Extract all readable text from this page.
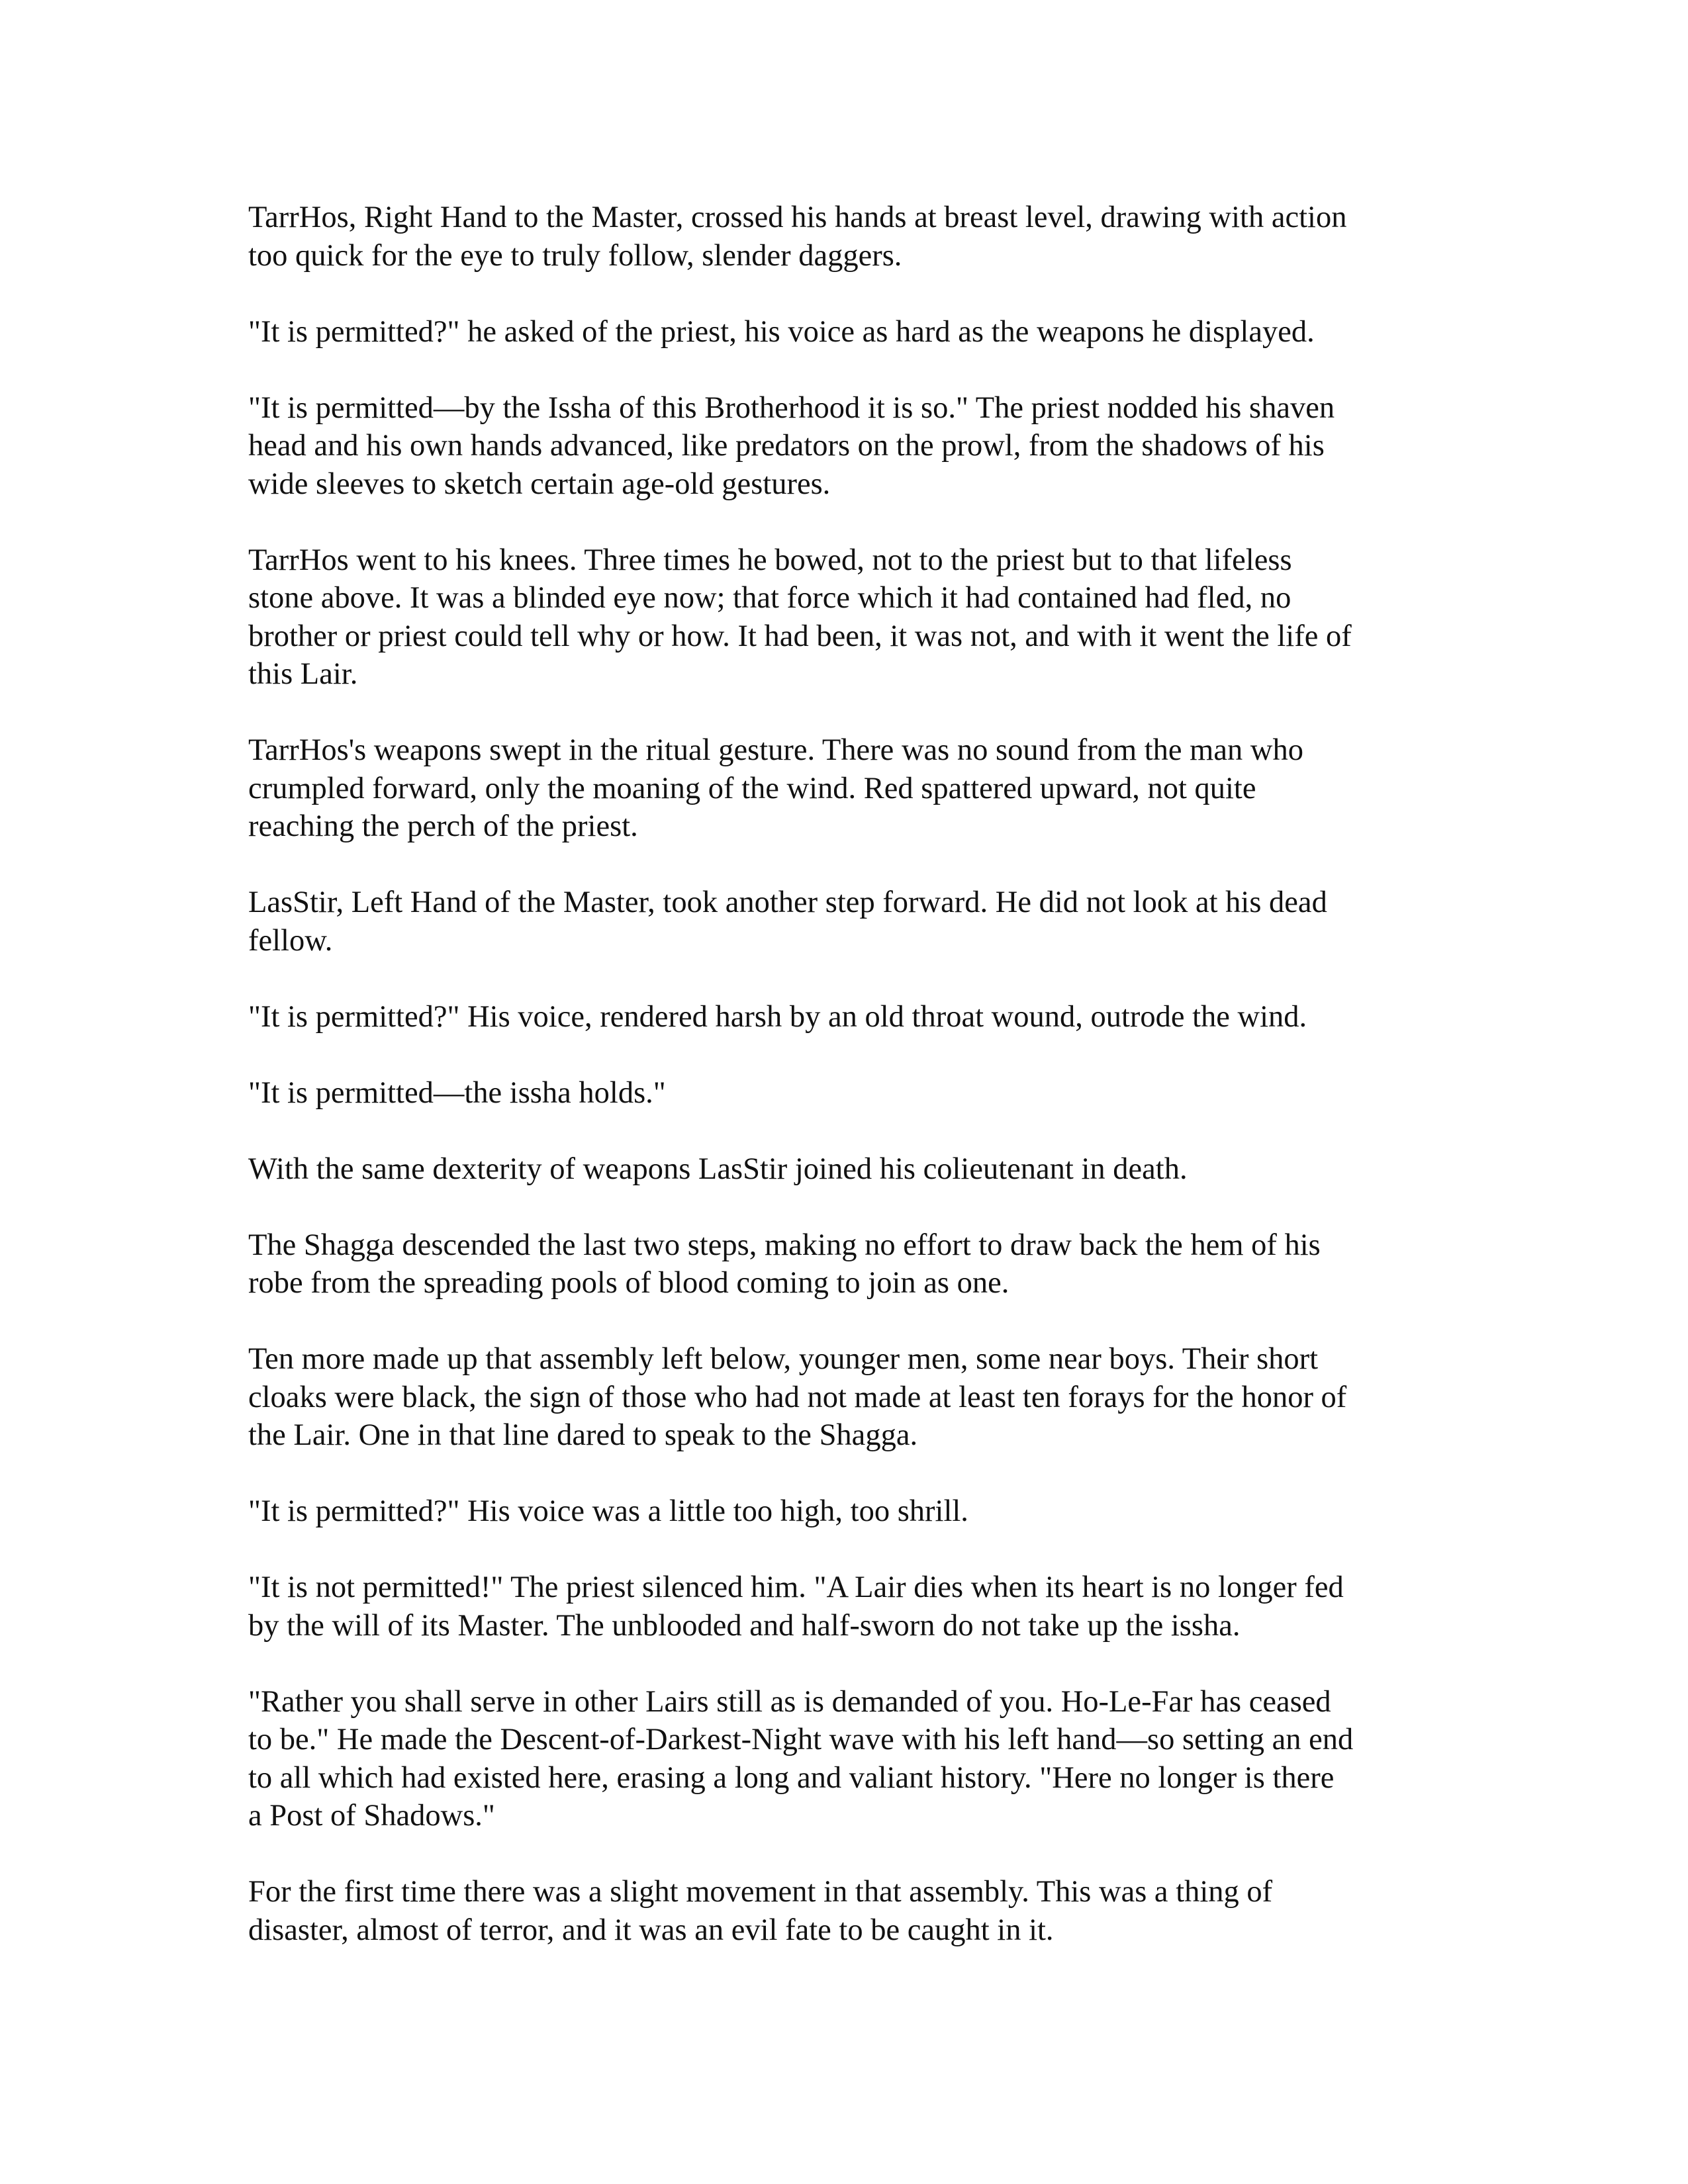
TarrHos, Right Hand to the Master, crossed his hands at breast level, drawing with action
too quick for the eye to truly follow, slender daggers.

"It is permitted?" he asked of the priest, his voice as hard as the weapons he displayed.

"It is permitted—by the Issha of this Brotherhood it is so." The priest nodded his shaven
head and his own hands advanced, like predators on the prowl, from the shadows of his
wide sleeves to sketch certain age-old gestures.

TarrHos went to his knees. Three times he bowed, not to the priest but to that lifeless
stone above. It was a blinded eye now; that force which it had contained had fled, no
brother or priest could tell why or how. It had been, it was not, and with it went the life of
this Lair.

TarrHos's weapons swept in the ritual gesture. There was no sound from the man who
crumpled forward, only the moaning of the wind. Red spattered upward, not quite
reaching the perch of the priest.

LasStir, Left Hand of the Master, took another step forward. He did not look at his dead
fellow.

"It is permitted?" His voice, rendered harsh by an old throat wound, outrode the wind.

"It is permitted—the issha holds."

With the same dexterity of weapons LasStir joined his colieutenant in death.

The Shagga descended the last two steps, making no effort to draw back the hem of his
robe from the spreading pools of blood coming to join as one.

Ten more made up that assembly left below, younger men, some near boys. Their short
cloaks were black, the sign of those who had not made at least ten forays for the honor of
the Lair. One in that line dared to speak to the Shagga.

"It is permitted?" His voice was a little too high, too shrill.

"It is not permitted!" The priest silenced him. "A Lair dies when its heart is no longer fed
by the will of its Master. The unblooded and half-sworn do not take up the issha.

"Rather you shall serve in other Lairs still as is demanded of you. Ho-Le-Far has ceased
to be." He made the Descent-of-Darkest-Night wave with his left hand—so setting an end
to all which had existed here, erasing a long and valiant history. "Here no longer is there
a Post of Shadows."

For the first time there was a slight movement in that assembly. This was a thing of
disaster, almost of terror, and it was an evil fate to be caught in it.
